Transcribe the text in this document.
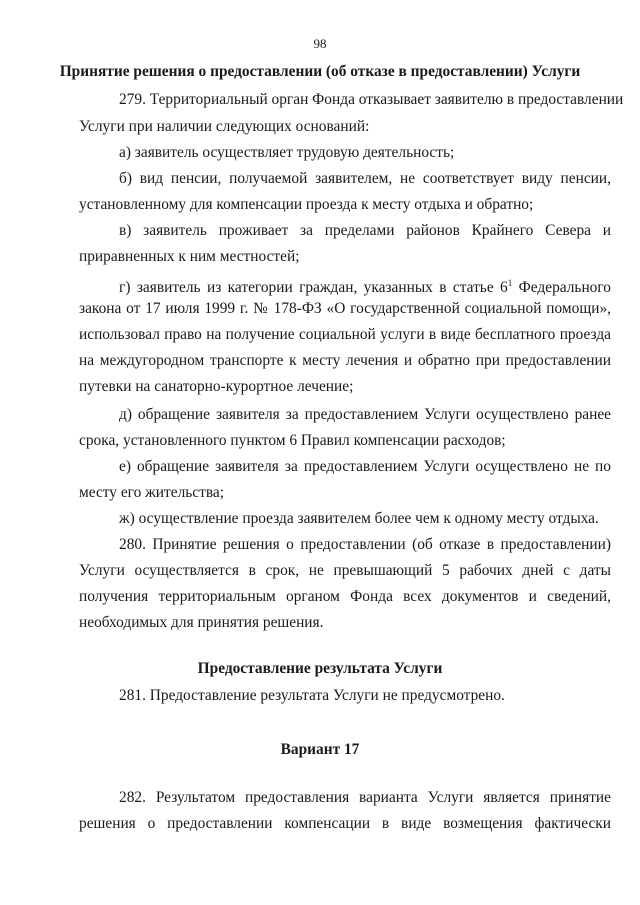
98
Принятие решения о предоставлении (об отказе в предоставлении) Услуги
279. Территориальный орган Фонда отказывает заявителю в предоставлении
Услуги при наличии следующих оснований:
а) заявитель осуществляет трудовую деятельность;
б) вид пенсии, получаемой заявителем, не соответствует виду пенсии,
установленному для компенсации проезда к месту отдыха и обратно;
в) заявитель проживает за пределами районов Крайнего Севера и
приравненных к ним местностей;
г) заявитель из категории граждан, указанных в статье $6^1$ Федерального
закона от 17 июля 1999 г. № 178-ФЗ «О государственной социальной помощи»,
использовал право на получение социальной услуги в виде бесплатного проезда
на междугородном транспорте к месту лечения и обратно при предоставлении
путевки на санаторно-курортное лечение;
д) обращение заявителя за предоставлением Услуги осуществлено ранее
срока, установленного пунктом 6 Правил компенсации расходов;
е) обращение заявителя за предоставлением Услуги осуществлено не по
месту его жительства;
ж) осуществление проезда заявителем более чем к одному месту отдыха.
280. Принятие решения о предоставлении (об отказе в предоставлении)
Услуги осуществляется в срок, не превышающий 5 рабочих дней с даты
получения территориальным органом Фонда всех документов и сведений,
необходимых для принятия решения.
Предоставление результата Услуги
281. Предоставление результата Услуги не предусмотрено.
Вариант 17
282. Результатом предоставления варианта Услуги является принятие
решения о предоставлении компенсации в виде возмещения фактически
